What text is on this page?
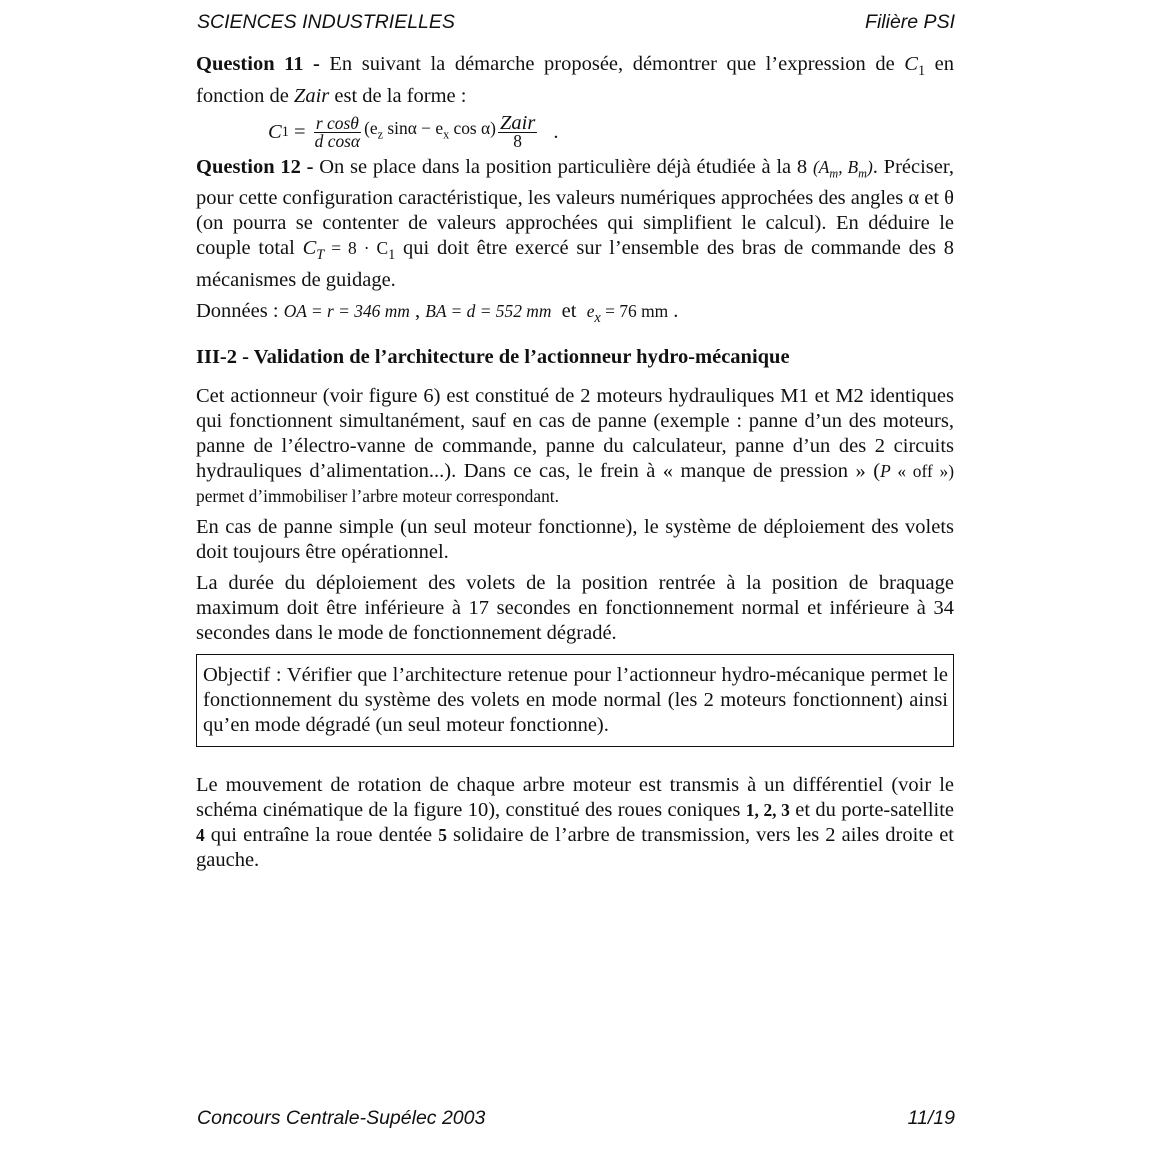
SCIENCES INDUSTRIELLES	Filière PSI

Question 11 - En suivant la démarche proposée, démontrer que l’expression de $C_1$ en fonction de Zair est de la forme :

C $1 = \frac{\text{r cosθ}}{\text{d cosα}} (e_z$ $\sin\alpha - e_x$ $\cos \alpha) \frac{\text{Zair}}{8}$ .

Question 12 - On se place dans la position particulière déjà étudiée à la 8 ($A_m$, $B_m$). Préciser, pour cette configuration caractéristique, les valeurs numériques approchées des angles α et θ (on pourra se contenter de valeurs approchées qui simplifient le calcul). En déduire le couple total $C_T = 8 \cdot C_1$ qui doit être exercé sur l’ensemble des bras de commande des 8 mécanismes de guidage.

Données : OA = r = 346 mm , BA = d = 552 mm  et  $e_x = 76$ mm .

III-2 - Validation de l’architecture de l’actionneur hydro-mécanique

Cet actionneur (voir figure 6) est constitué de 2 moteurs hydrauliques M1 et M2 identiques qui fonctionnent simultanément, sauf en cas de panne (exemple : panne d’un des moteurs, panne de l’électro-vanne de commande, panne du calculateur, panne d’un des 2 circuits hydrauliques d’alimentation...). Dans ce cas, le frein à « manque de pression » (P « off ») permet d’immobiliser l’arbre moteur correspondant.

En cas de panne simple (un seul moteur fonctionne), le système de déploiement des volets doit toujours être opérationnel.

La durée du déploiement des volets de la position rentrée à la position de braquage maximum doit être inférieure à 17 secondes en fonctionnement normal et inférieure à 34 secondes dans le mode de fonctionnement dégradé.

Objectif : Vérifier que l’architecture retenue pour l’actionneur hydro-mécanique permet le fonctionnement du système des volets en mode normal (les 2 moteurs fonctionnent) ainsi qu’en mode dégradé (un seul moteur fonctionne).

Le mouvement de rotation de chaque arbre moteur est transmis à un différentiel (voir le schéma cinématique de la figure 10), constitué des roues coniques 1, 2, 3 et du porte-satellite 4 qui entraîne la roue dentée 5 solidaire de l’arbre de transmission, vers les 2 ailes droite et gauche.

Concours Centrale-Supélec 2003	11/19
